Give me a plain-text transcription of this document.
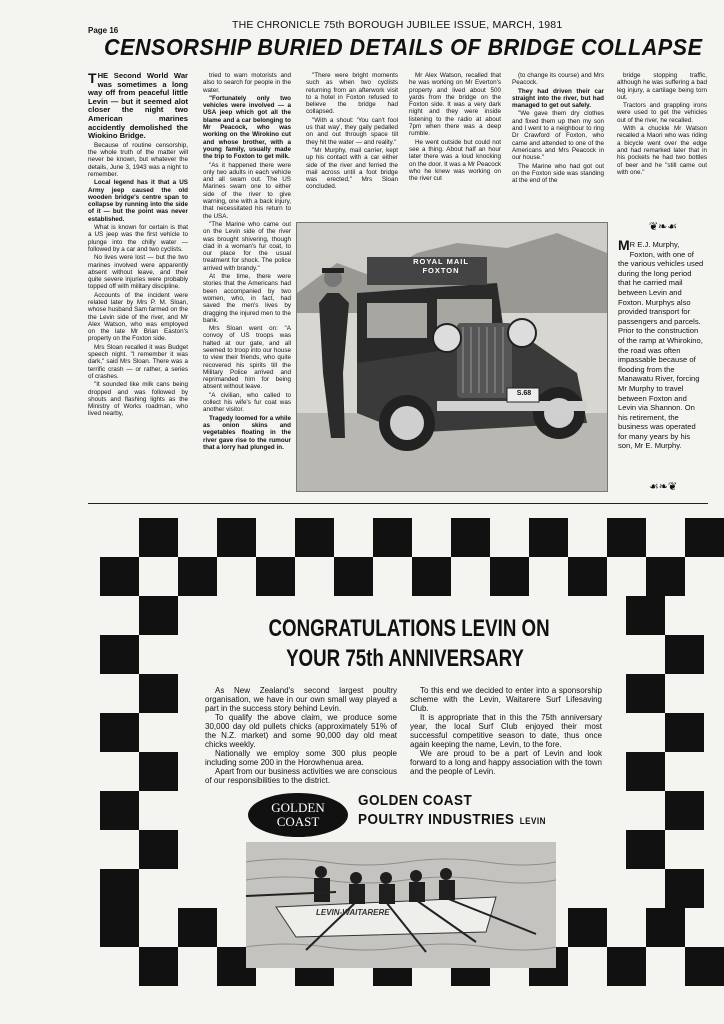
Page 16	THE CHRONICLE 75th BOROUGH JUBILEE ISSUE, MARCH, 1981
CENSORSHIP BURIED DETAILS OF BRIDGE COLLAPSE

THE Second World War was sometimes a long way off from peaceful little Levin — but it seemed alot closer the night two American marines accidently demolished the Wiokino Bridge.

Because of routine censorship, the whole truth of the matter will never be known, but whatever the details, June 3, 1943 was a night to remember.

Local legend has it that a US Army jeep caused the old wooden bridge's centre span to collapse by running into the side of it — but the point was never established.

What is known for certain is that a US jeep was the first vehicle to plunge into the chilly water — followed by a car and two cyclists.

No lives were lost — but the two marines involved were apparently absent without leave, and their quite severe injuries were probably topped off with military discipline.

Accounts of the incident were related later by Mrs P. M. Sloan, whose husband Sam farmed on the the Levin side of the river, and Mr Alex Watson, who was employed on the late Mr Brian Easton's property on the Foxton side.

Mrs Sloan recalled it was Budget speech night. "I remember it was dark," said Mrs Sloan. There was a terrific crash — or rather, a series of crashes.

"It sounded like milk cans being dropped and was followed by shouts and flashing lights as the Ministry of Works roadman, who lived nearby,

tried to warn motorists and also to search for people in the water.

"Fortunately only two vehicles were involved — a USA jeep which got all the blame and a car belonging to Mr Peacock, who was working on the Wirokino cut and whose brother, with a young family, usually made the trip to Foxton to get milk.

"As it happened there were only two adults in each vehicle and all swam out. The US Marines swam one to either side of the river to give warning, one with a back injury, that necessitated his return to the USA.

"The Marine who came out on the Levin side of the river was brought shivering, though clad in a woman's fur coat, to our place for the usual treatment for shock. The police arrived with brandy."

At the time, there were stories that the Americans had been accompanied by two women, who, in fact, had saved the men's lives by dragging the injured men to the bank.

Mrs Sloan went on: "A convoy of US troops was halted at our gate, and all seemed to troop into our house to view their friends, who quite recovered his spirits till the Military Police arrived and reprimanded him for being absent without leave.

"A civilian, who called to collect his wife's fur coat was another visitor.

Tragedy loomed for a while as onion skins and vegetables floating in the river gave rise to the rumour that a lorry had plunged in.

"There were bright moments such as when two cyclists returning from an afterwork visit to a hotel in Foxton refused to believe the bridge had collapsed.

"With a shout: 'You can't fool us that way', they gaily pedalled on and out through space till they hit the water — and reality."

"Mr Murphy, mail carrier, kept up his contact with a car either side of the river and ferried the mail across until a foot bridge was erected," Mrs Sloan concluded.

Mr Alex Watson, recalled that he was working on Mr Everton's property and lived about 500 yards from the bridge on the Foxton side. It was a very dark night and they were inside listening to the radio at about 7pm when there was a deep rumble.

He went outside but could not see a thing. About half an hour later there was a loud knocking on the door. It was a Mr Peacock who he knew was working on the river cut

(to change its course) and Mrs Peacock.

They had driven their car straight into the river, but had managed to get out safely.

"We gave them dry clothes and fixed them up then my son and I went to a neighbour to ring Dr Crawford of Foxton, who came and attended to one of the Americans and Mrs Peacock in our house."

The Marine who had got out on the Foxton side was standing at the end of the

bridge stopping traffic, although he was suffering a bad leg injury, a cartilage being torn out.

Tractors and grappling irons were used to get the vehicles out of the river, he recalled.

With a chuckle Mr Watson recalled a Maori who was riding a bicycle went over the edge and had remarked later that in his pockets he had two bottles of beer and he "still came out with one."

ROYAL MAIL
FOXTON
S.68
❦❧☙
M R E.J. Murphy, Foxton, with one of the various vehicles used during the long period that he carried mail between Levin and Foxton. Murphys also provided transport for passengers and parcels. Prior to the construction of the ramp at Whirokino, the road was often impassable because of flooding from the Manawatu River, forcing Mr Murphy to travel between Foxton and Levin via Shannon. On his retirement, the business was operated for many years by his son, Mr E. Murphy.
☙❧❦
CONGRATULATIONS LEVIN ON
YOUR 75th ANNIVERSARY

As New Zealand's second largest poultry organisation, we have in our own small way played a part in the success story behind Levin.

To qualify the above claim, we produce some 30,000 day old pullets chicks (approximately 51% of the N.Z. market) and some 90,000 day old meat chicks weekly.

Nationally we employ some 300 plus people including some 200 in the Horowhenua area.

Apart from our business activities we are conscious of our responsibilities to the district.

To this end we decided to enter into a sponsorship scheme with the Levin, Waitarere Surf Lifesaving Club.

It is appropriate that in this the 75th anniversary year, the local Surf Club enjoyed their most successful competitive season to date, thus once again keeping the name, Levin, to the fore.

We are proud to be a part of Levin and look forward to a long and happy association with the town and the people of Levin.

GOLDEN
COAST
GOLDEN COAST
POULTRY INDUSTRIES LEVIN
LEVIN-WAITARERE
